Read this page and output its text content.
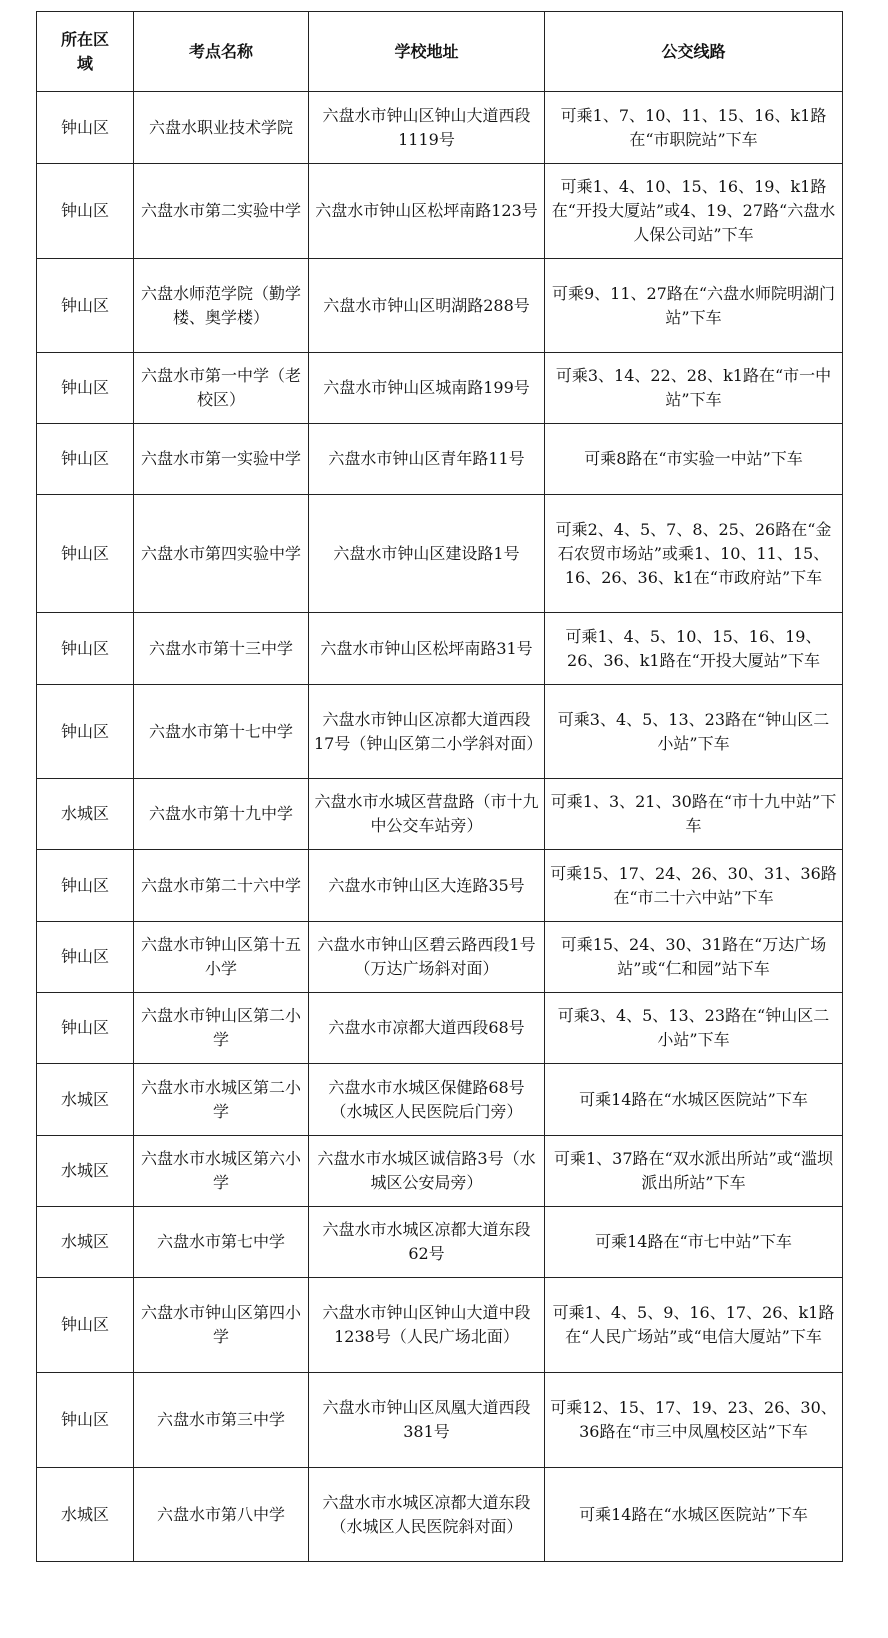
所在区域	考点名称	学校地址	公交线路
钟山区	六盘水职业技术学院	六盘水市钟山区钟山大道西段1119号	可乘1、7、10、11、15、16、k1路在“市职院站”下车
钟山区	六盘水市第二实验中学	六盘水市钟山区松坪南路123号	可乘1、4、10、15、16、19、k1路在“开投大厦站”或4、19、27路“六盘水人保公司站”下车
钟山区	六盘水师范学院（勤学楼、奥学楼）	六盘水市钟山区明湖路288号	可乘9、11、27路在“六盘水师院明湖门站”下车
钟山区	六盘水市第一中学（老校区）	六盘水市钟山区城南路199号	可乘3、14、22、28、k1路在“市一中站”下车
钟山区	六盘水市第一实验中学	六盘水市钟山区青年路11号	可乘8路在“市实验一中站”下车
钟山区	六盘水市第四实验中学	六盘水市钟山区建设路1号	可乘2、4、5、7、8、25、26路在“金石农贸市场站”或乘1、10、11、15、16、26、36、k1在“市政府站”下车
钟山区	六盘水市第十三中学	六盘水市钟山区松坪南路31号	可乘1、4、5、10、15、16、19、26、36、k1路在“开投大厦站”下车
钟山区	六盘水市第十七中学	六盘水市钟山区凉都大道西段17号（钟山区第二小学斜对面）	可乘3、4、5、13、23路在“钟山区二小站”下车
水城区	六盘水市第十九中学	六盘水市水城区营盘路（市十九中公交车站旁）	可乘1、3、21、30路在“市十九中站”下车
钟山区	六盘水市第二十六中学	六盘水市钟山区大连路35号	可乘15、17、24、26、30、31、36路在“市二十六中站”下车
钟山区	六盘水市钟山区第十五小学	六盘水市钟山区碧云路西段1号（万达广场斜对面）	可乘15、24、30、31路在“万达广场站”或“仁和园”站下车
钟山区	六盘水市钟山区第二小学	六盘水市凉都大道西段68号	可乘3、4、5、13、23路在“钟山区二小站”下车
水城区	六盘水市水城区第二小学	六盘水市水城区保健路68号（水城区人民医院后门旁）	可乘14路在“水城区医院站”下车
水城区	六盘水市水城区第六小学	六盘水市水城区诚信路3号（水城区公安局旁）	可乘1、37路在“双水派出所站”或“滥坝派出所站”下车
水城区	六盘水市第七中学	六盘水市水城区凉都大道东段62号	可乘14路在“市七中站”下车
钟山区	六盘水市钟山区第四小学	六盘水市钟山区钟山大道中段1238号（人民广场北面）	可乘1、4、5、9、16、17、26、k1路在“人民广场站”或“电信大厦站”下车
钟山区	六盘水市第三中学	六盘水市钟山区凤凰大道西段381号	可乘12、15、17、19、23、26、30、36路在“市三中凤凰校区站”下车
水城区	六盘水市第八中学	六盘水市水城区凉都大道东段（水城区人民医院斜对面）	可乘14路在“水城区医院站”下车
